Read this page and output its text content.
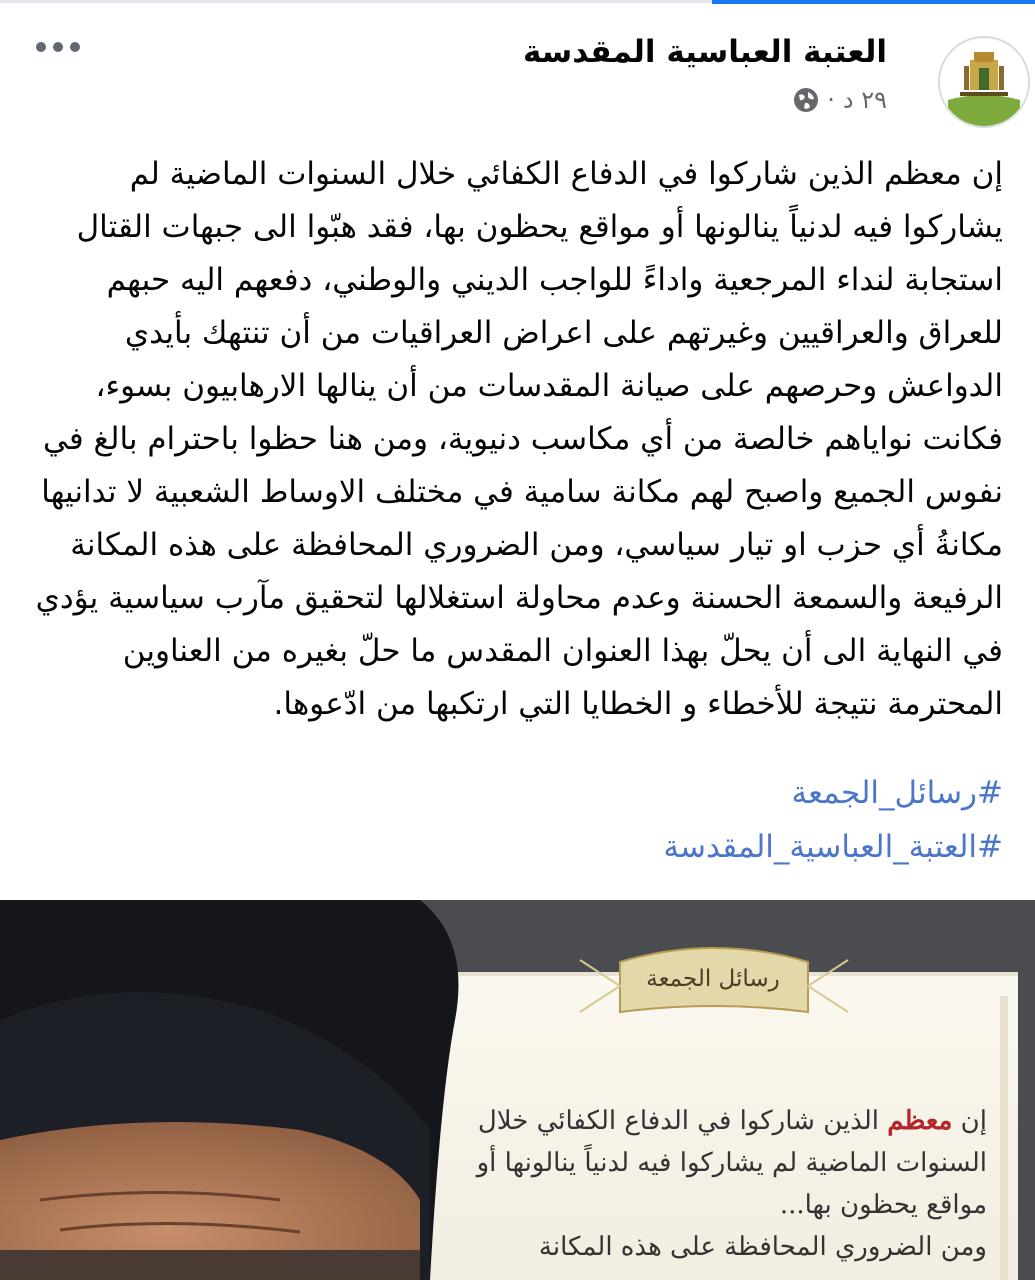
العتبة العباسية المقدسة
٢٩ د
·

إن معظم الذين شاركوا في الدفاع الكفائي خلال السنوات الماضية لم يشاركوا فيه لدنياً ينالونها أو مواقع يحظون بها، فقد هبّوا الى جبهات القتال استجابة لنداء المرجعية واداءً للواجب الديني والوطني، دفعهم اليه حبهم للعراق والعراقيين وغيرتهم على اعراض العراقيات من أن تنتهك بأيدي الدواعش وحرصهم على صيانة المقدسات من أن ينالها الارهابيون بسوء، فكانت نواياهم خالصة من أي مكاسب دنيوية، ومن هنا حظوا باحترام بالغ في نفوس الجميع واصبح لهم مكانة سامية في مختلف الاوساط الشعبية لا تدانيها مكانةُ أي حزب او تيار سياسي، ومن الضروري المحافظة على هذه المكانة الرفيعة والسمعة الحسنة وعدم محاولة استغلالها لتحقيق مآرب سياسية يؤدي في النهاية الى أن يحلّ بهذا العنوان المقدس ما حلّ بغيره من العناوين المحترمة نتيجة للأخطاء و الخطايا التي ارتكبها من ادّعوها.

#رسائل_الجمعة
#العتبة_العباسية_المقدسة
رسائل الجمعة

إن معظم الذين شاركوا في الدفاع الكفائي خلال السنوات الماضية لم يشاركوا فيه لدنياً ينالونها أو مواقع يحظون بها...
ومن الضروري المحافظة على هذه المكانة
